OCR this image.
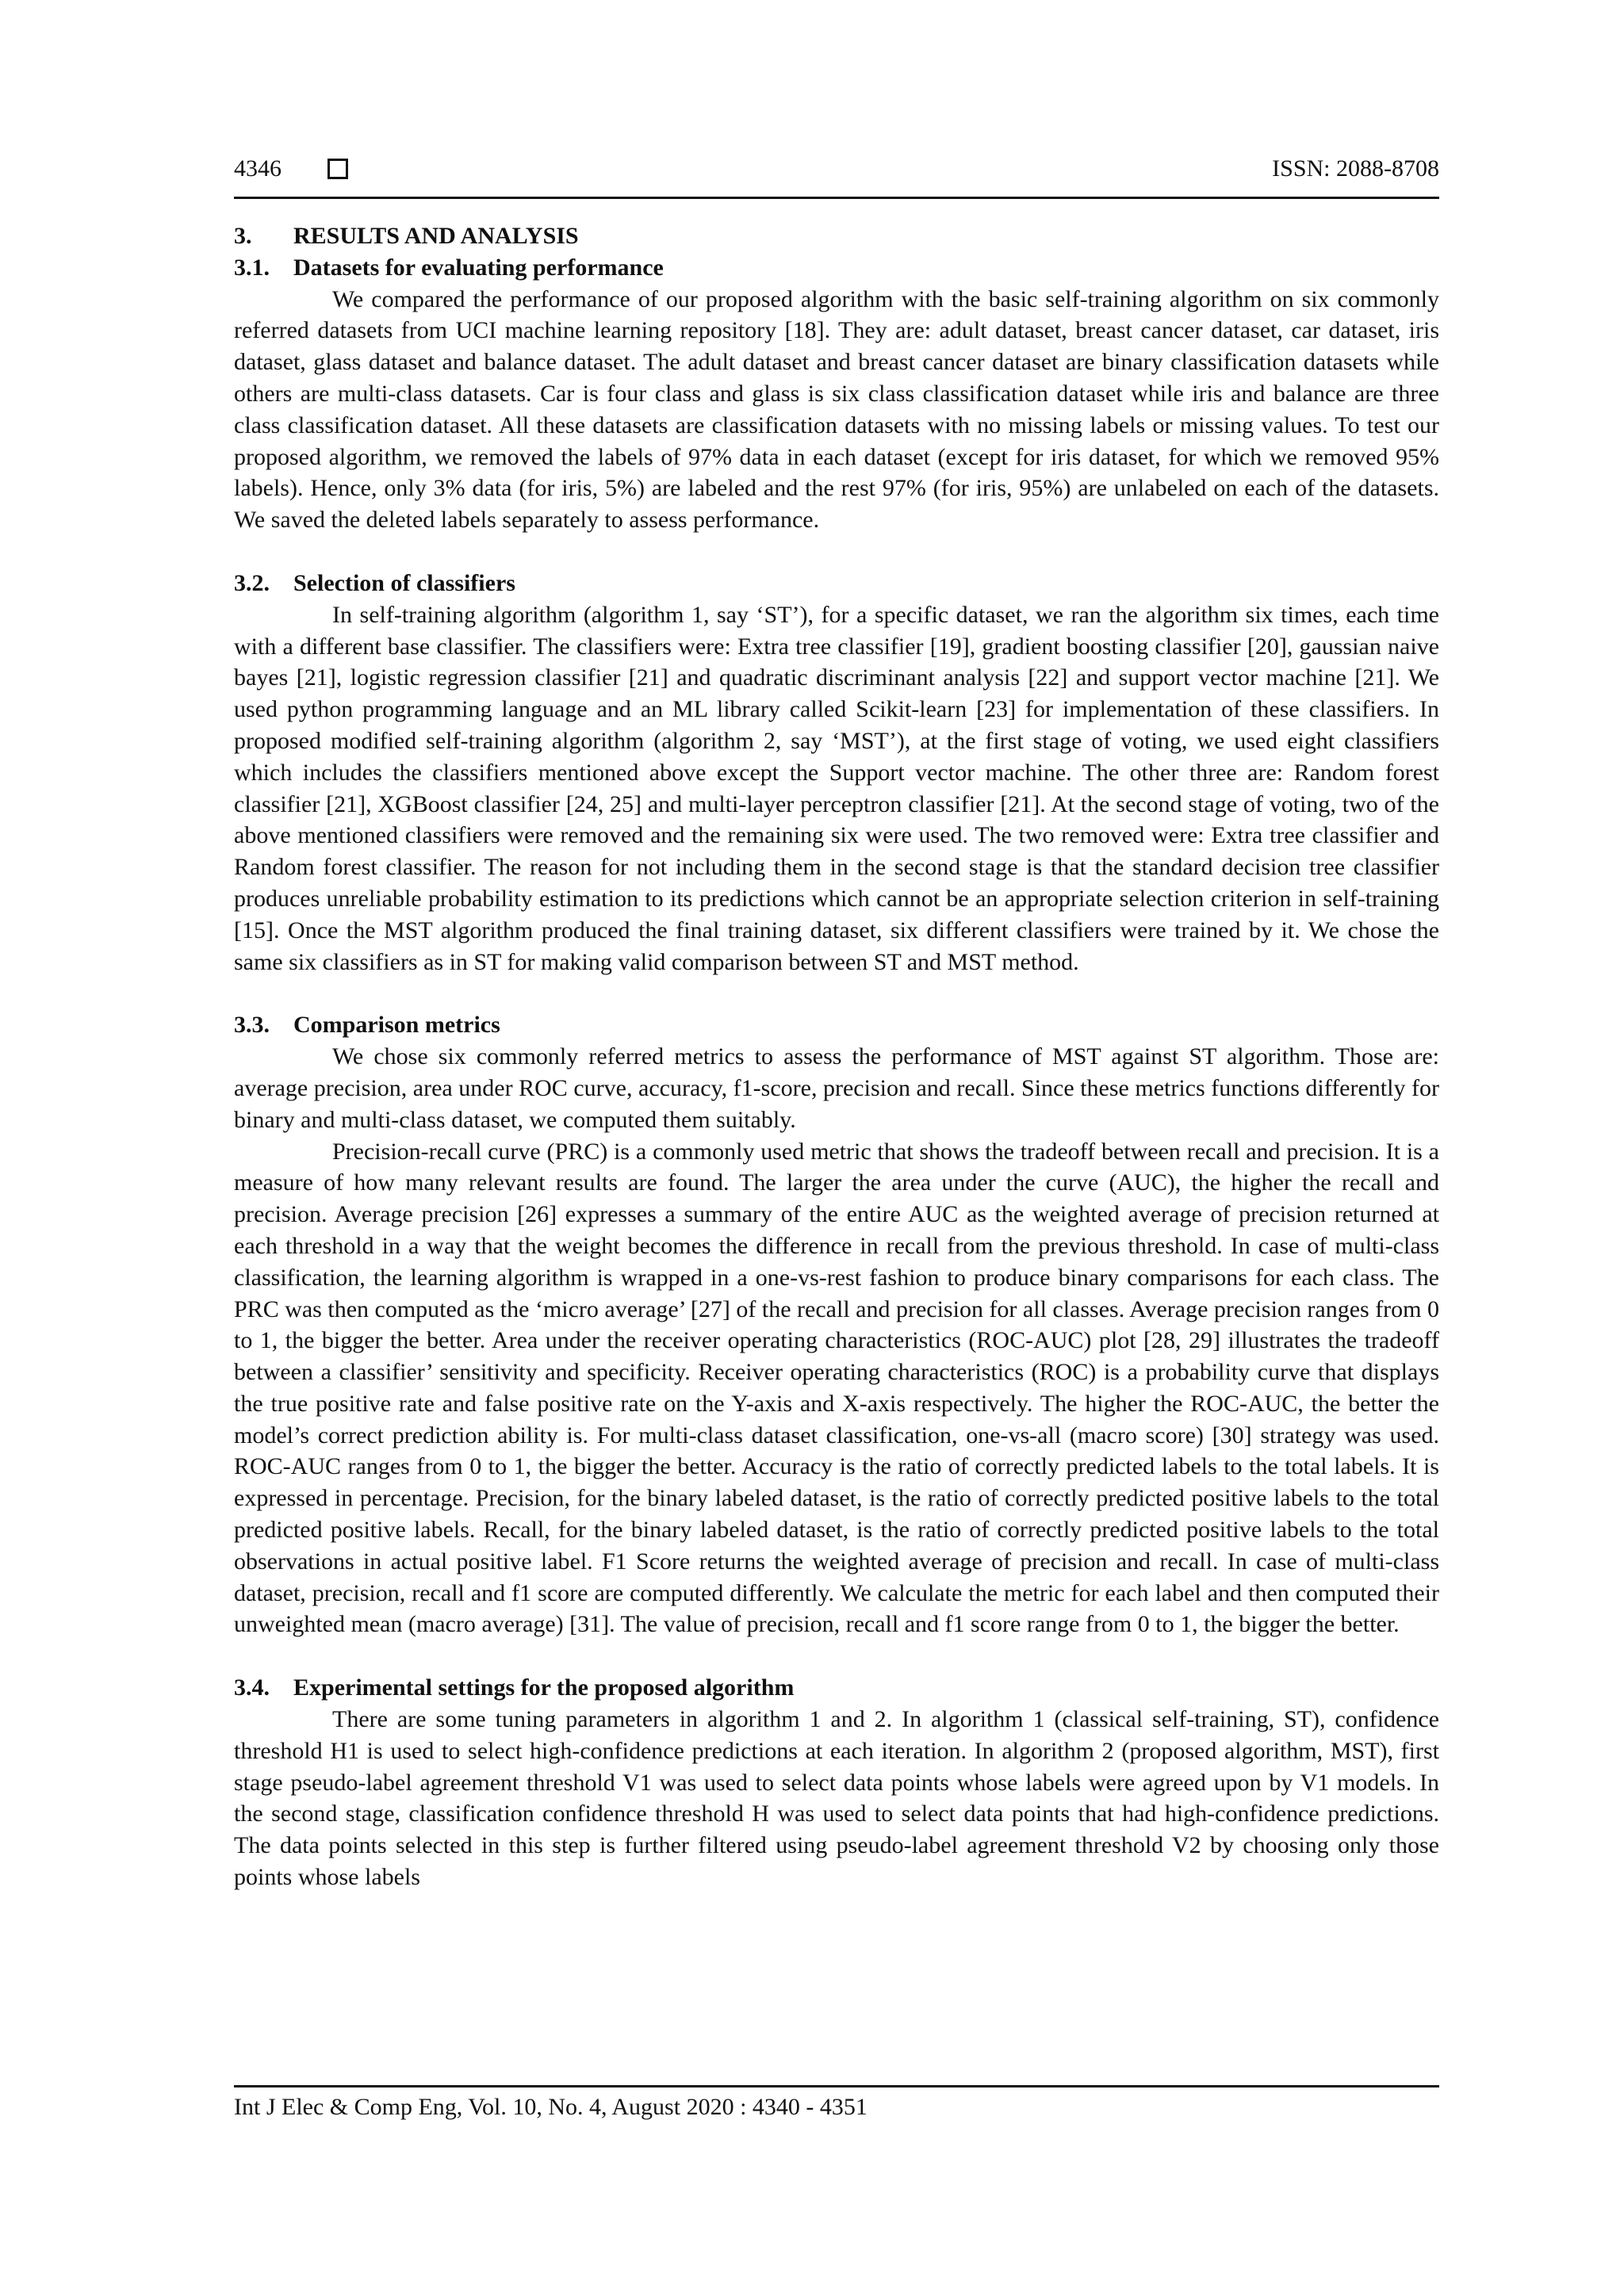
4346	ISSN: 2088-8708
3. RESULTS AND ANALYSIS
3.1. Datasets for evaluating performance

We compared the performance of our proposed algorithm with the basic self-training algorithm on six commonly referred datasets from UCI machine learning repository [18]. They are: adult dataset, breast cancer dataset, car dataset, iris dataset, glass dataset and balance dataset. The adult dataset and breast cancer dataset are binary classification datasets while others are multi-class datasets. Car is four class and glass is six class classification dataset while iris and balance are three class classification dataset. All these datasets are classification datasets with no missing labels or missing values. To test our proposed algorithm, we removed the labels of 97% data in each dataset (except for iris dataset, for which we removed 95% labels). Hence, only 3% data (for iris, 5%) are labeled and the rest 97% (for iris, 95%) are unlabeled on each of the datasets. We saved the deleted labels separately to assess performance.

3.2. Selection of classifiers

In self-training algorithm (algorithm 1, say ‘ST’), for a specific dataset, we ran the algorithm six times, each time with a different base classifier. The classifiers were: Extra tree classifier [19], gradient boosting classifier [20], gaussian naive bayes [21], logistic regression classifier [21] and quadratic discriminant analysis [22] and support vector machine [21]. We used python programming language and an ML library called Scikit-learn [23] for implementation of these classifiers. In proposed modified self-training algorithm (algorithm 2, say ‘MST’), at the first stage of voting, we used eight classifiers which includes the classifiers mentioned above except the Support vector machine. The other three are: Random forest classifier [21], XGBoost classifier [24, 25] and multi-layer perceptron classifier [21]. At the second stage of voting, two of the above mentioned classifiers were removed and the remaining six were used. The two removed were: Extra tree classifier and Random forest classifier. The reason for not including them in the second stage is that the standard decision tree classifier produces unreliable probability estimation to its predictions which cannot be an appropriate selection criterion in self-training [15]. Once the MST algorithm produced the final training dataset, six different classifiers were trained by it. We chose the same six classifiers as in ST for making valid comparison between ST and MST method.

3.3. Comparison metrics

We chose six commonly referred metrics to assess the performance of MST against ST algorithm. Those are: average precision, area under ROC curve, accuracy, f1-score, precision and recall. Since these metrics functions differently for binary and multi-class dataset, we computed them suitably.

Precision-recall curve (PRC) is a commonly used metric that shows the tradeoff between recall and precision. It is a measure of how many relevant results are found. The larger the area under the curve (AUC), the higher the recall and precision. Average precision [26] expresses a summary of the entire AUC as the weighted average of precision returned at each threshold in a way that the weight becomes the difference in recall from the previous threshold. In case of multi-class classification, the learning algorithm is wrapped in a one-vs-rest fashion to produce binary comparisons for each class. The PRC was then computed as the ‘micro average’ [27] of the recall and precision for all classes. Average precision ranges from 0 to 1, the bigger the better. Area under the receiver operating characteristics (ROC-AUC) plot [28, 29] illustrates the tradeoff between a classifier’ sensitivity and specificity. Receiver operating characteristics (ROC) is a probability curve that displays the true positive rate and false positive rate on the Y-axis and X-axis respectively. The higher the ROC-AUC, the better the model’s correct prediction ability is. For multi-class dataset classification, one-vs-all (macro score) [30] strategy was used. ROC-AUC ranges from 0 to 1, the bigger the better. Accuracy is the ratio of correctly predicted labels to the total labels. It is expressed in percentage. Precision, for the binary labeled dataset, is the ratio of correctly predicted positive labels to the total predicted positive labels. Recall, for the binary labeled dataset, is the ratio of correctly predicted positive labels to the total observations in actual positive label. F1 Score returns the weighted average of precision and recall. In case of multi-class dataset, precision, recall and f1 score are computed differently. We calculate the metric for each label and then computed their unweighted mean (macro average) [31]. The value of precision, recall and f1 score range from 0 to 1, the bigger the better.

3.4. Experimental settings for the proposed algorithm

There are some tuning parameters in algorithm 1 and 2. In algorithm 1 (classical self-training, ST), confidence threshold H1 is used to select high-confidence predictions at each iteration. In algorithm 2 (proposed algorithm, MST), first stage pseudo-label agreement threshold V1 was used to select data points whose labels were agreed upon by V1 models. In the second stage, classification confidence threshold H was used to select data points that had high-confidence predictions. The data points selected in this step is further filtered using pseudo-label agreement threshold V2 by choosing only those points whose labels

Int J Elec & Comp Eng, Vol. 10, No. 4, August 2020 : 4340 - 4351
